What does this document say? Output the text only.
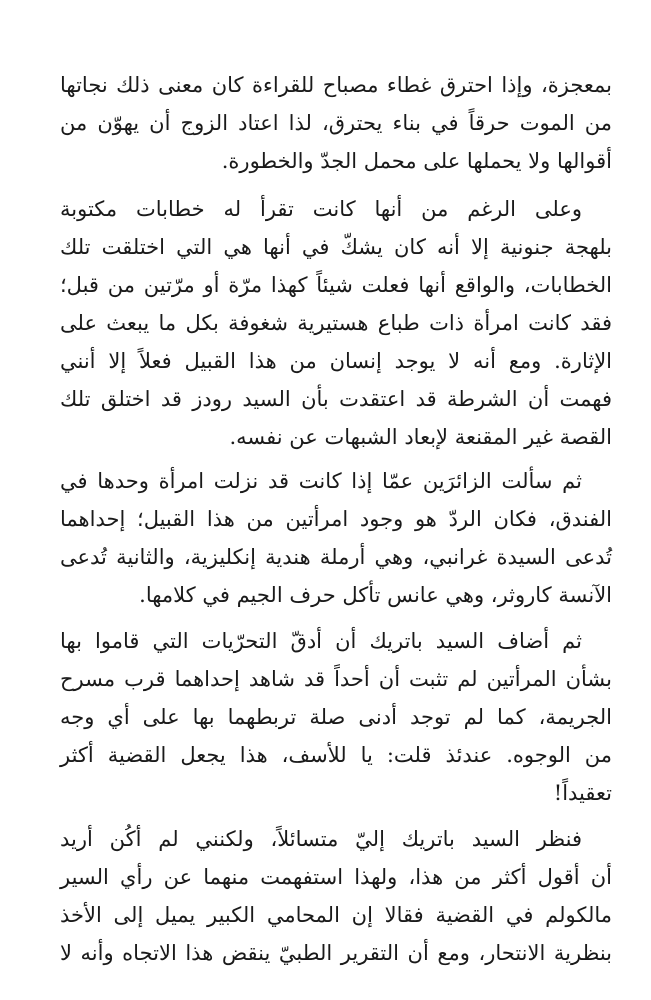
بمعجزة، وإذا احترق غطاء مصباح للقراءة كان معنى ذلك نجاتها
من الموت حرقاً في بناء يحترق، لذا اعتاد الزوج أن يهوّن من
أقوالها ولا يحملها على محمل الجدّ والخطورة.
وعلى الرغم من أنها كانت تقرأ له خطابات مكتوبة
بلهجة جنونية إلا أنه كان يشكّ في أنها هي التي اختلقت تلك
الخطابات، والواقع أنها فعلت شيئاً كهذا مرّة أو مرّتين من قبل؛
فقد كانت امرأة ذات طباع هستيرية شغوفة بكل ما يبعث على
الإثارة. ومع أنه لا يوجد إنسان من هذا القبيل فعلاً إلا أنني
فهمت أن الشرطة قد اعتقدت بأن السيد رودز قد اختلق تلك
القصة غير المقنعة لإبعاد الشبهات عن نفسه.
ثم سألت الزائرَين عمّا إذا كانت قد نزلت امرأة وحدها في
الفندق، فكان الردّ هو وجود امرأتين من هذا القبيل؛ إحداهما
تُدعى السيدة غرانبي، وهي أرملة هندية إنكليزية، والثانية تُدعى
الآنسة كاروثر، وهي عانس تأكل حرف الجيم في كلامها.
ثم أضاف السيد باتريك أن أدقّ التحرّيات التي قاموا بها
بشأن المرأتين لم تثبت أن أحداً قد شاهد إحداهما قرب مسرح
الجريمة، كما لم توجد أدنى صلة تربطهما بها على أي وجه
من الوجوه. عندئذ قلت: يا للأسف، هذا يجعل القضية أكثر
تعقيداً!
فنظر السيد باتريك إليّ متسائلاً، ولكنني لم أكُن أريد
أن أقول أكثر من هذا، ولهذا استفهمت منهما عن رأي السير
مالكولم في القضية فقالا إن المحامي الكبير يميل إلى الأخذ
بنظرية الانتحار، ومع أن التقرير الطبيّ ينقض هذا الاتجاه وأنه لا
